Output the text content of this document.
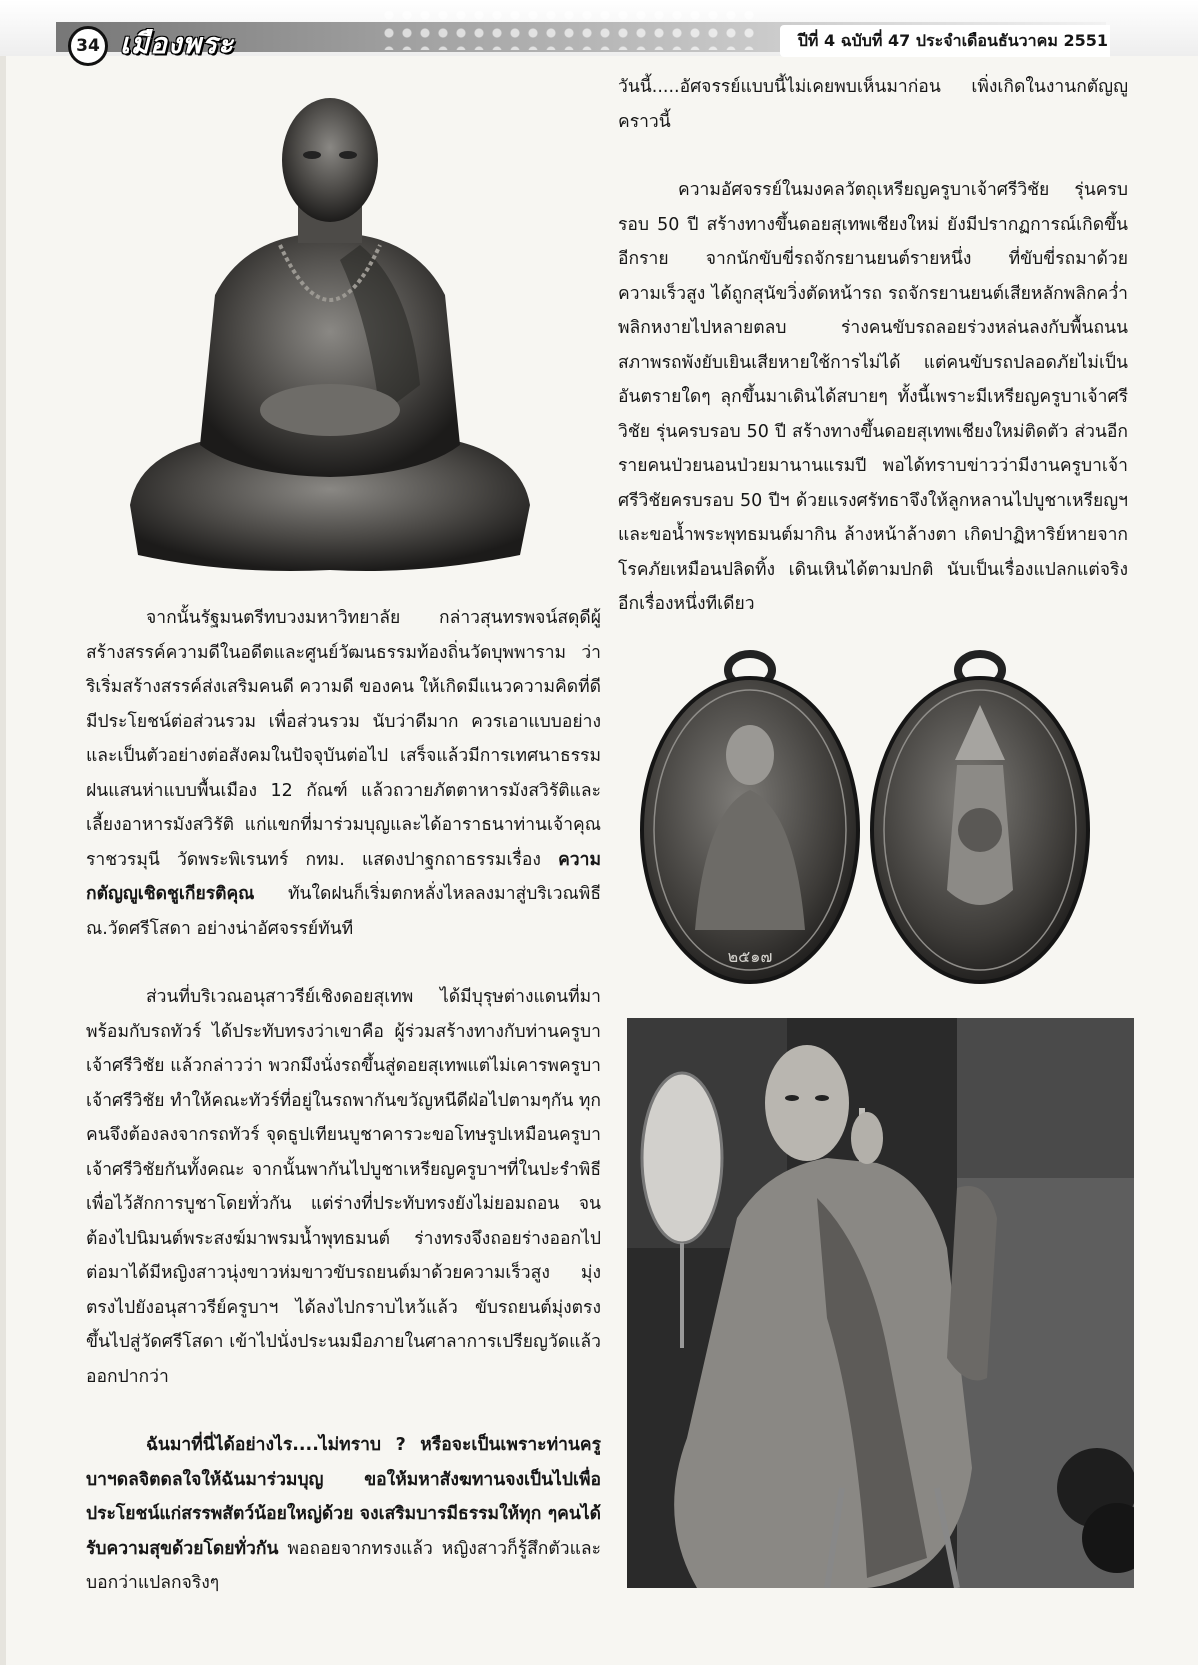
34 เมืองพระ	ปีที่ 4 ฉบับที่ 47 ประจำเดือนธันวาคม 2551

วันนี้.....อัศจรรย์แบบนี้ไม่เคยพบเห็นมาก่อน เพิ่งเกิดในงานกตัญญูคราวนี้

ความอัศจรรย์ในมงคลวัตถุเหรียญครูบาเจ้าศรีวิชัย รุ่นครบรอบ 50 ปี สร้างทางขึ้นดอยสุเทพเชียงใหม่ ยังมีปรากฏการณ์เกิดขึ้นอีกราย จากนักขับขี่รถจักรยานยนต์รายหนึ่ง ที่ขับขี่รถมาด้วยความเร็วสูง ได้ถูกสุนัขวิ่งตัดหน้ารถ รถจักรยานยนต์เสียหลักพลิกคว่ำพลิกหงายไปหลายตลบ ร่างคนขับรถลอยร่วงหล่นลงกับพื้นถนน สภาพรถพังยับเยินเสียหายใช้การไม่ได้ แต่คนขับรถปลอดภัยไม่เป็นอันตรายใดๆ ลุกขึ้นมาเดินได้สบายๆ ทั้งนี้เพราะมีเหรียญครูบาเจ้าศรีวิชัย รุ่นครบรอบ 50 ปี สร้างทางขึ้นดอยสุเทพเชียงใหม่ติดตัว ส่วนอีกรายคนป่วยนอนป่วยมานานแรมปี พอได้ทราบข่าวว่ามีงานครูบาเจ้าศรีวิชัยครบรอบ 50 ปีฯ ด้วยแรงศรัทธาจึงให้ลูกหลานไปบูชาเหรียญฯ และขอน้ำพระพุทธมนต์มากิน ล้างหน้าล้างตา เกิดปาฏิหาริย์หายจากโรคภัยเหมือนปลิดทิ้ง เดินเหินได้ตามปกติ นับเป็นเรื่องแปลกแต่จริงอีกเรื่องหนึ่งทีเดียว

๒๕๑๗

จากนั้นรัฐมนตรีทบวงมหาวิทยาลัย กล่าวสุนทรพจน์สดุดีผู้สร้างสรรค์ความดีในอดีตและศูนย์วัฒนธรรมท้องถิ่นวัดบุพพาราม ว่าริเริ่มสร้างสรรค์ส่งเสริมคนดี ความดี ของคน ให้เกิดมีแนวความคิดที่ดีมีประโยชน์ต่อส่วนรวม เพื่อส่วนรวม นับว่าดีมาก ควรเอาแบบอย่างและเป็นตัวอย่างต่อสังคมในปัจจุบันต่อไป เสร็จแล้วมีการเทศนาธรรมฝนแสนห่าแบบพื้นเมือง 12 กัณฑ์ แล้วถวายภัตตาหารมังสวิรัติและเลี้ยงอาหารมังสวิรัติ แก่แขกที่มาร่วมบุญและได้อาราธนาท่านเจ้าคุณราชวรมุนี วัดพระพิเรนทร์ กทม. แสดงปาฐกถาธรรมเรื่อง ความกตัญญูเชิดชูเกียรติคุณ ทันใดฝนก็เริ่มตกหลั่งไหลลงมาสู่บริเวณพิธี ณ.วัดศรีโสดา อย่างน่าอัศจรรย์ทันที

ส่วนที่บริเวณอนุสาวรีย์เชิงดอยสุเทพ ได้มีบุรุษต่างแดนที่มาพร้อมกับรถทัวร์ ได้ประทับทรงว่าเขาคือ ผู้ร่วมสร้างทางกับท่านครูบาเจ้าศรีวิชัย แล้วกล่าวว่า พวกมึงนั่งรถขึ้นสู่ดอยสุเทพแต่ไม่เคารพครูบาเจ้าศรีวิชัย ทำให้คณะทัวร์ที่อยู่ในรถพากันขวัญหนีดีฝ่อไปตามๆกัน ทุกคนจึงต้องลงจากรถทัวร์ จุดธูปเทียนบูชาคารวะขอโทษรูปเหมือนครูบาเจ้าศรีวิชัยกันทั้งคณะ จากนั้นพากันไปบูชาเหรียญครูบาฯที่ในปะรำพิธี เพื่อไว้สักการบูชาโดยทั่วกัน แต่ร่างที่ประทับทรงยังไม่ยอมถอน จนต้องไปนิมนต์พระสงฆ์มาพรมน้ำพุทธมนต์ ร่างทรงจึงถอยร่างออกไป ต่อมาได้มีหญิงสาวนุ่งขาวห่มขาวขับรถยนต์มาด้วยความเร็วสูง มุ่งตรงไปยังอนุสาวรีย์ครูบาฯ ได้ลงไปกราบไหว้แล้ว ขับรถยนต์มุ่งตรงขึ้นไปสู่วัดศรีโสดา เข้าไปนั่งประนมมือภายในศาลาการเปรียญวัดแล้วออกปากว่า

ฉันมาที่นี่ได้อย่างไร....ไม่ทราบ ? หรือจะเป็นเพราะท่านครูบาฯดลจิตดลใจให้ฉันมาร่วมบุญ ขอให้มหาสังฆทานจงเป็นไปเพื่อประโยชน์แก่สรรพสัตว์น้อยใหญ่ด้วย จงเสริมบารมีธรรมให้ทุก ๆคนได้รับความสุขด้วยโดยทั่วกัน พอถอยจากทรงแล้ว หญิงสาวก็รู้สึกตัวและบอกว่าแปลกจริงๆ
